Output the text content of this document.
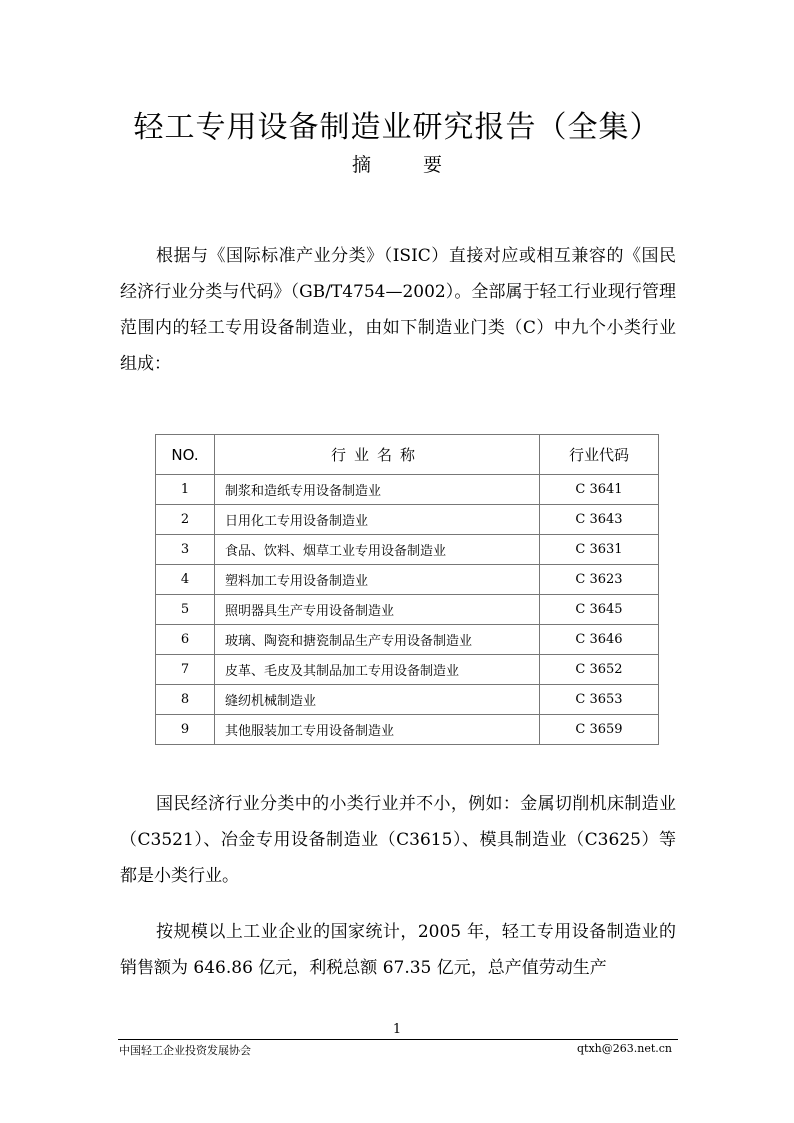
轻工专用设备制造业研究报告（全集）
摘要

根据与《国际标准产业分类》（ISIC）直接对应或相互兼容的《国民经济行业分类与代码》（GB/T4754—2002）。全部属于轻工行业现行管理范围内的轻工专用设备制造业，由如下制造业门类（C）中九个小类行业组成：

NO.	行业名称	行业代码
1	制浆和造纸专用设备制造业	C 3641
2	日用化工专用设备制造业	C 3643
3	食品、饮料、烟草工业专用设备制造业	C 3631
4	塑料加工专用设备制造业	C 3623
5	照明器具生产专用设备制造业	C 3645
6	玻璃、陶瓷和搪瓷制品生产专用设备制造业	C 3646
7	皮革、毛皮及其制品加工专用设备制造业	C 3652
8	缝纫机械制造业	C 3653
9	其他服装加工专用设备制造业	C 3659

国民经济行业分类中的小类行业并不小，例如：金属切削机床制造业（C3521）、冶金专用设备制造业（C3615）、模具制造业（C3625）等都是小类行业。

按规模以上工业企业的国家统计，2005 年，轻工专用设备制造业的销售额为 646.86 亿元，利税总额 67.35 亿元，总产值劳动生产

1
中国轻工企业投资发展协会	qtxh@263.net.cn
